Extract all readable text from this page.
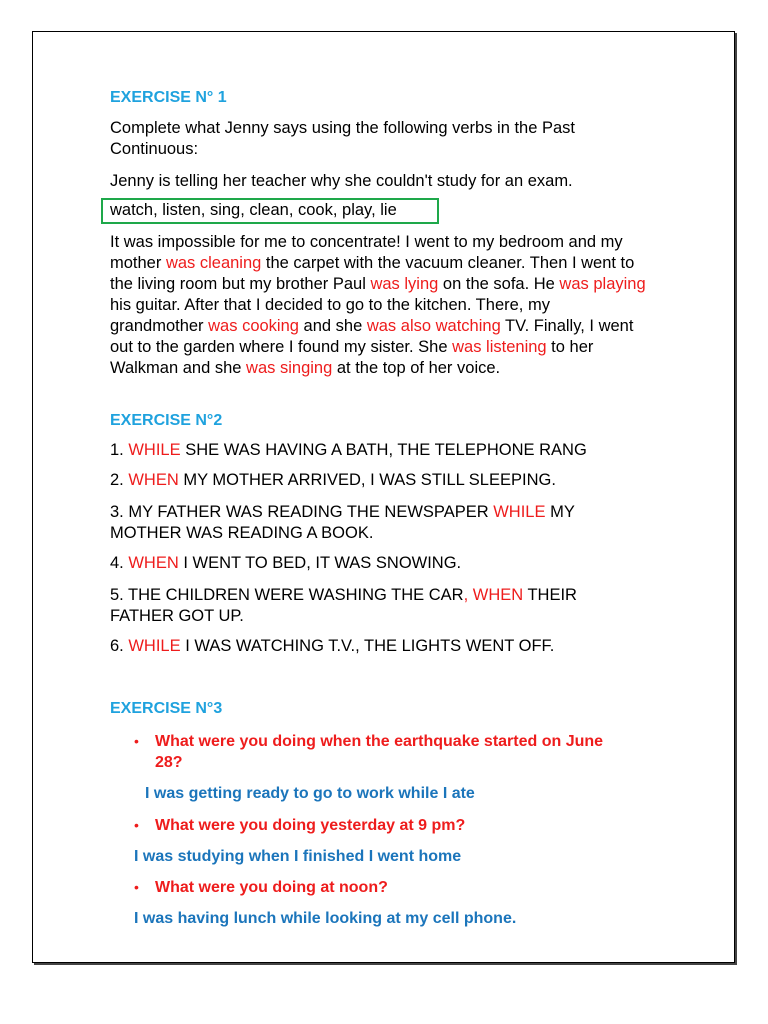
EXERCISE N° 1
Complete what Jenny says using the following verbs in the Past Continuous:
Jenny is telling her teacher why she couldn't study for an exam.
watch, listen, sing, clean, cook, play, lie
It was impossible for me to concentrate! I went to my bedroom and my mother was cleaning the carpet with the vacuum cleaner. Then I went to the living room but my brother Paul was lying on the sofa. He was playing his guitar. After that I decided to go to the kitchen. There, my grandmother was cooking and she was also watching TV. Finally, I went out to the garden where I found my sister. She was listening to her Walkman and she was singing at the top of her voice.
EXERCISE N°2
1. WHILE SHE WAS HAVING A BATH, THE TELEPHONE RANG
2. WHEN MY MOTHER ARRIVED, I WAS STILL SLEEPING.
3. MY FATHER WAS READING THE NEWSPAPER WHILE MY MOTHER WAS READING A BOOK.
4. WHEN I WENT TO BED, IT WAS SNOWING.
5. THE CHILDREN WERE WASHING THE CAR, WHEN THEIR FATHER GOT UP.
6. WHILE I WAS WATCHING T.V., THE LIGHTS WENT OFF.
EXERCISE N°3
• What were you doing when the earthquake started on June 28?
I was getting ready to go to work while I ate
• What were you doing yesterday at 9 pm?
I was studying when I finished I went home
• What were you doing at noon?
I was having lunch while looking at my cell phone.
